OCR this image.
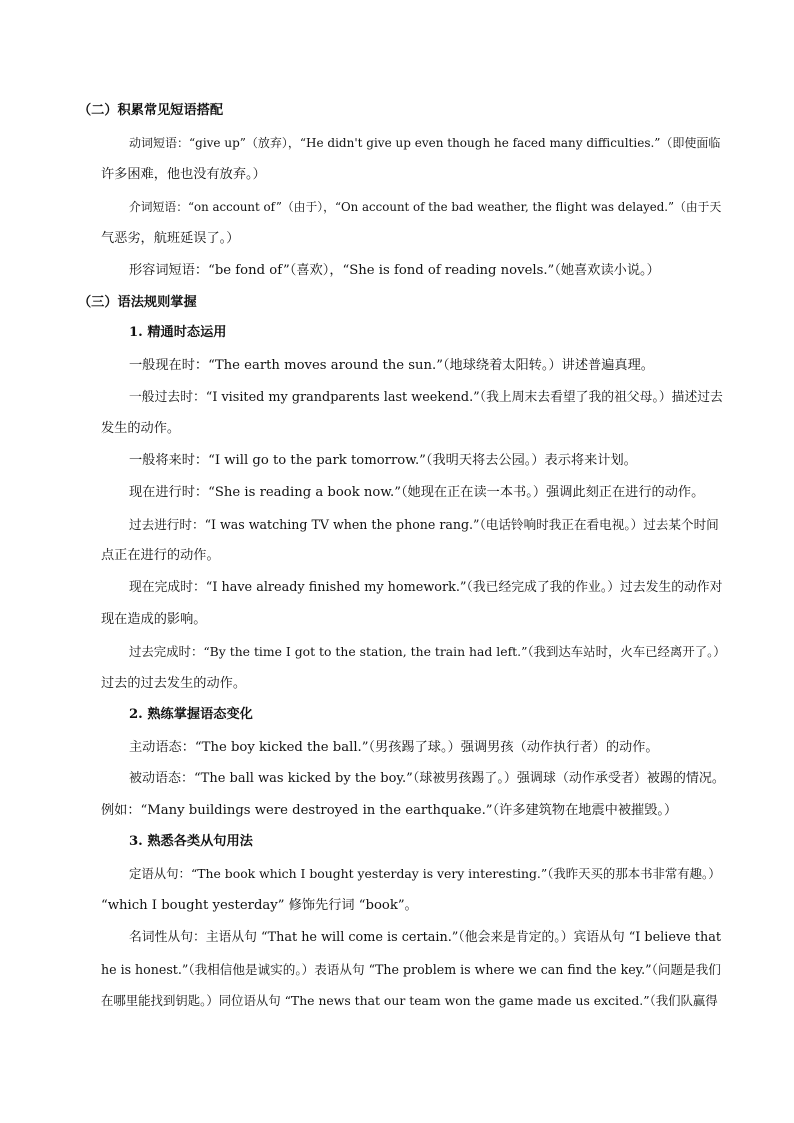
（二）积累常见短语搭配

动词短语：“give up”（放弃），“He didn't give up even though he faced many difficulties.”（即使面临

许多困难，他也没有放弃。）

介词短语：“on account of”（由于），“On account of the bad weather, the flight was delayed.”（由于天

气恶劣，航班延误了。）

形容词短语：“be fond of”（喜欢），“She is fond of reading novels.”（她喜欢读小说。）

（三）语法规则掌握

1. 精通时态运用

一般现在时：“The earth moves around the sun.”（地球绕着太阳转。）讲述普遍真理。

一般过去时：“I visited my grandparents last weekend.”（我上周末去看望了我的祖父母。）描述过去

发生的动作。

一般将来时：“I will go to the park tomorrow.”（我明天将去公园。）表示将来计划。

现在进行时：“She is reading a book now.”（她现在正在读一本书。）强调此刻正在进行的动作。

过去进行时：“I was watching TV when the phone rang.”（电话铃响时我正在看电视。）过去某个时间

点正在进行的动作。

现在完成时：“I have already finished my homework.”（我已经完成了我的作业。）过去发生的动作对

现在造成的影响。

过去完成时：“By the time I got to the station, the train had left.”（我到达车站时，火车已经离开了。）

过去的过去发生的动作。

2. 熟练掌握语态变化

主动语态：“The boy kicked the ball.”（男孩踢了球。）强调男孩（动作执行者）的动作。

被动语态：“The ball was kicked by the boy.”（球被男孩踢了。）强调球（动作承受者）被踢的情况。

例如：“Many buildings were destroyed in the earthquake.”（许多建筑物在地震中被摧毁。）

3. 熟悉各类从句用法

定语从句：“The book which I bought yesterday is very interesting.”（我昨天买的那本书非常有趣。）

“which I bought yesterday” 修饰先行词 “book”。

名词性从句：主语从句 “That he will come is certain.”（他会来是肯定的。）宾语从句 “I believe that

he is honest.”（我相信他是诚实的。）表语从句 “The problem is where we can find the key.”（问题是我们

在哪里能找到钥匙。）同位语从句 “The news that our team won the game made us excited.”（我们队赢得
